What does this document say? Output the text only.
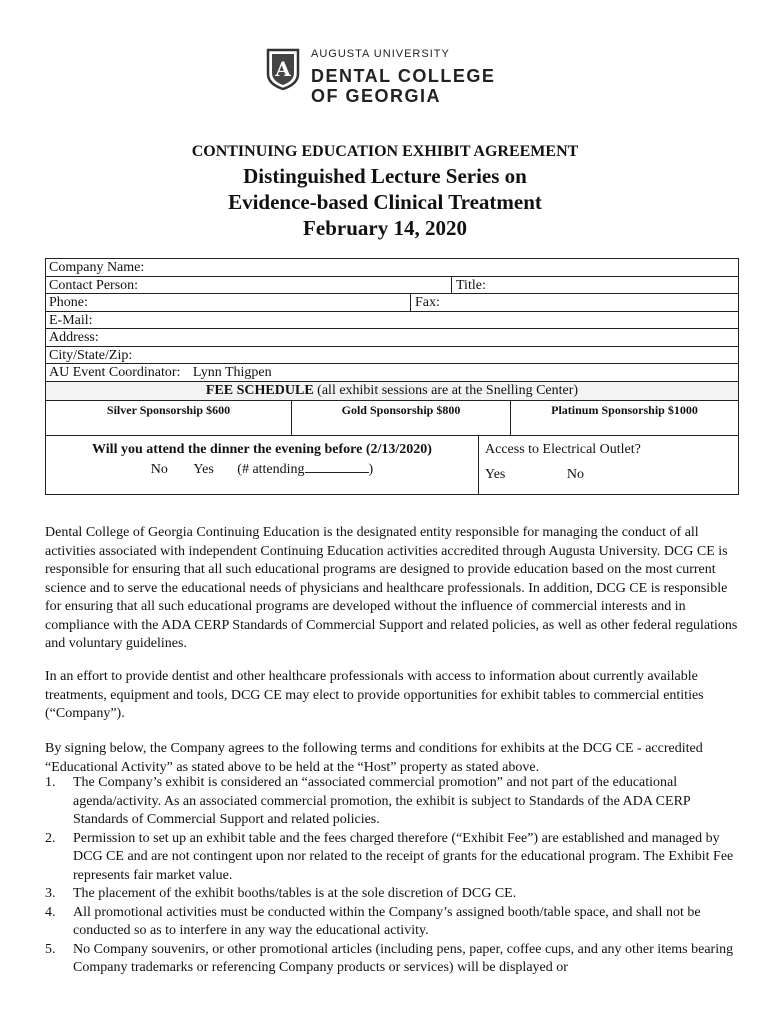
A
AUGUSTA UNIVERSITY
DENTAL COLLEGE
OF GEORGIA
CONTINUING EDUCATION EXHIBIT AGREEMENT
Distinguished Lecture Series on
Evidence-based Clinical Treatment
February 14, 2020
Company Name:
Contact Person:	Title:
Phone:	Fax:
E-Mail:
Address:
City/State/Zip:
AU Event Coordinator: Lynn Thigpen
FEE SCHEDULE (all exhibit sessions are at the Snelling Center)
Silver Sponsorship $600	Gold Sponsorship $800	Platinum Sponsorship $1000
Will you attend the dinner the evening before (2/13/2020)
No Yes (# attending	)
Access to Electrical Outlet?
Yes	No

Dental College of Georgia Continuing Education is the designated entity responsible for managing the conduct of all activities associated with independent Continuing Education activities accredited through Augusta University. DCG CE is responsible for ensuring that all such educational programs are designed to provide education based on the most current science and to serve the educational needs of physicians and healthcare professionals. In addition, DCG CE is responsible for ensuring that all such educational programs are developed without the influence of commercial interests and in compliance with the ADA CERP Standards of Commercial Support and related policies, as well as other federal regulations and voluntary guidelines.

In an effort to provide dentist and other healthcare professionals with access to information about currently available treatments, equipment and tools, DCG CE may elect to provide opportunities for exhibit tables to commercial entities (“Company”).

By signing below, the Company agrees to the following terms and conditions for exhibits at the DCG CE - accredited “Educational Activity” as stated above to be held at the “Host” property as stated above.

1. The Company’s exhibit is considered an “associated commercial promotion” and not part of the educational agenda/activity. As an associated commercial promotion, the exhibit is subject to Standards of the ADA CERP Standards of Commercial Support and related policies.
2. Permission to set up an exhibit table and the fees charged therefore (“Exhibit Fee”) are established and managed by DCG CE and are not contingent upon nor related to the receipt of grants for the educational program. The Exhibit Fee represents fair market value.
3. The placement of the exhibit booths/tables is at the sole discretion of DCG CE.
4. All promotional activities must be conducted within the Company’s assigned booth/table space, and shall not be conducted so as to interfere in any way the educational activity.
5. No Company souvenirs, or other promotional articles (including pens, paper, coffee cups, and any other items bearing Company trademarks or referencing Company products or services) will be displayed or
